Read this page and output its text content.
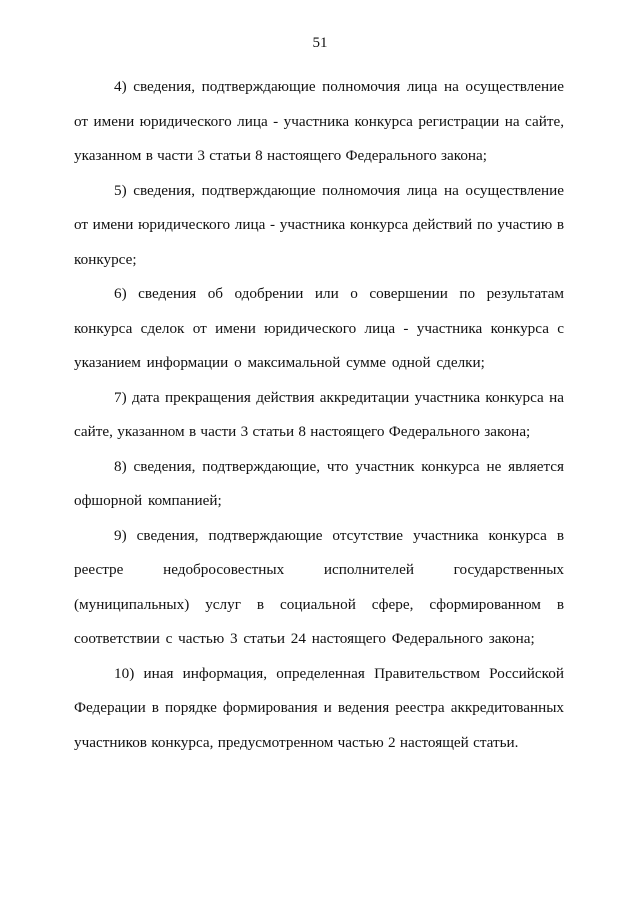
51

4) сведения, подтверждающие полномочия лица на осуществление от имени юридического лица - участника конкурса регистрации на сайте, указанном в части 3 статьи 8 настоящего Федерального закона;

5) сведения, подтверждающие полномочия лица на осуществление от имени юридического лица - участника конкурса действий по участию в конкурсе;

6) сведения об одобрении или о совершении по результатам конкурса сделок от имени юридического лица - участника конкурса с указанием информации о максимальной сумме одной сделки;

7) дата прекращения действия аккредитации участника конкурса на сайте, указанном в части 3 статьи 8 настоящего Федерального закона;

8) сведения, подтверждающие, что участник конкурса не является офшорной компанией;

9) сведения, подтверждающие отсутствие участника конкурса в реестре недобросовестных исполнителей государственных (муниципальных) услуг в социальной сфере, сформированном в соответствии с частью 3 статьи 24 настоящего Федерального закона;

10) иная информация, определенная Правительством Российской Федерации в порядке формирования и ведения реестра аккредитованных участников конкурса, предусмотренном частью 2 настоящей статьи.
